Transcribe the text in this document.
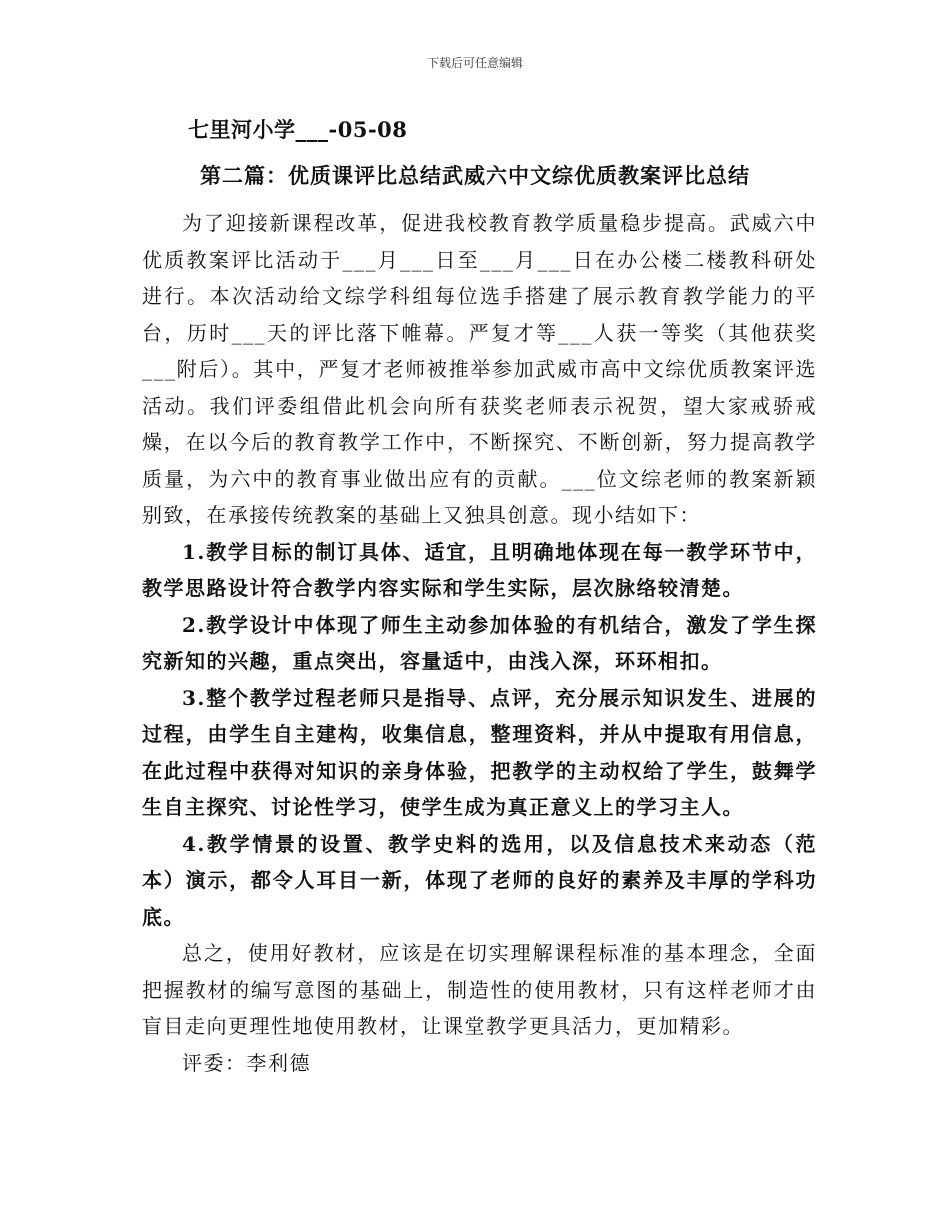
下载后可任意编辑
七里河小学___-05-08
第二篇：优质课评比总结武威六中文综优质教案评比总结

为了迎接新课程改革，促进我校教育教学质量稳步提高。武威六中优质教案评比活动于___月___日至___月___日在办公楼二楼教科研处进行。本次活动给文综学科组每位选手搭建了展示教育教学能力的平台，历时___天的评比落下帷幕。严复才等___人获一等奖（其他获奖___附后）。其中，严复才老师被推举参加武威市高中文综优质教案评选活动。我们评委组借此机会向所有获奖老师表示祝贺，望大家戒骄戒燥，在以今后的教育教学工作中，不断探究、不断创新，努力提高教学质量，为六中的教育事业做出应有的贡献。___位文综老师的教案新颖别致，在承接传统教案的基础上又独具创意。现小结如下：

1.教学目标的制订具体、适宜，且明确地体现在每一教学环节中，教学思路设计符合教学内容实际和学生实际，层次脉络较清楚。

2.教学设计中体现了师生主动参加体验的有机结合，激发了学生探究新知的兴趣，重点突出，容量适中，由浅入深，环环相扣。

3.整个教学过程老师只是指导、点评，充分展示知识发生、进展的过程，由学生自主建构，收集信息，整理资料，并从中提取有用信息，在此过程中获得对知识的亲身体验，把教学的主动权给了学生，鼓舞学生自主探究、讨论性学习，使学生成为真正意义上的学习主人。

4.教学情景的设置、教学史料的选用，以及信息技术来动态（范本）演示，都令人耳目一新，体现了老师的良好的素养及丰厚的学科功底。

总之，使用好教材，应该是在切实理解课程标准的基本理念，全面把握教材的编写意图的基础上，制造性的使用教材，只有这样老师才由盲目走向更理性地使用教材，让课堂教学更具活力，更加精彩。

评委：李利德
